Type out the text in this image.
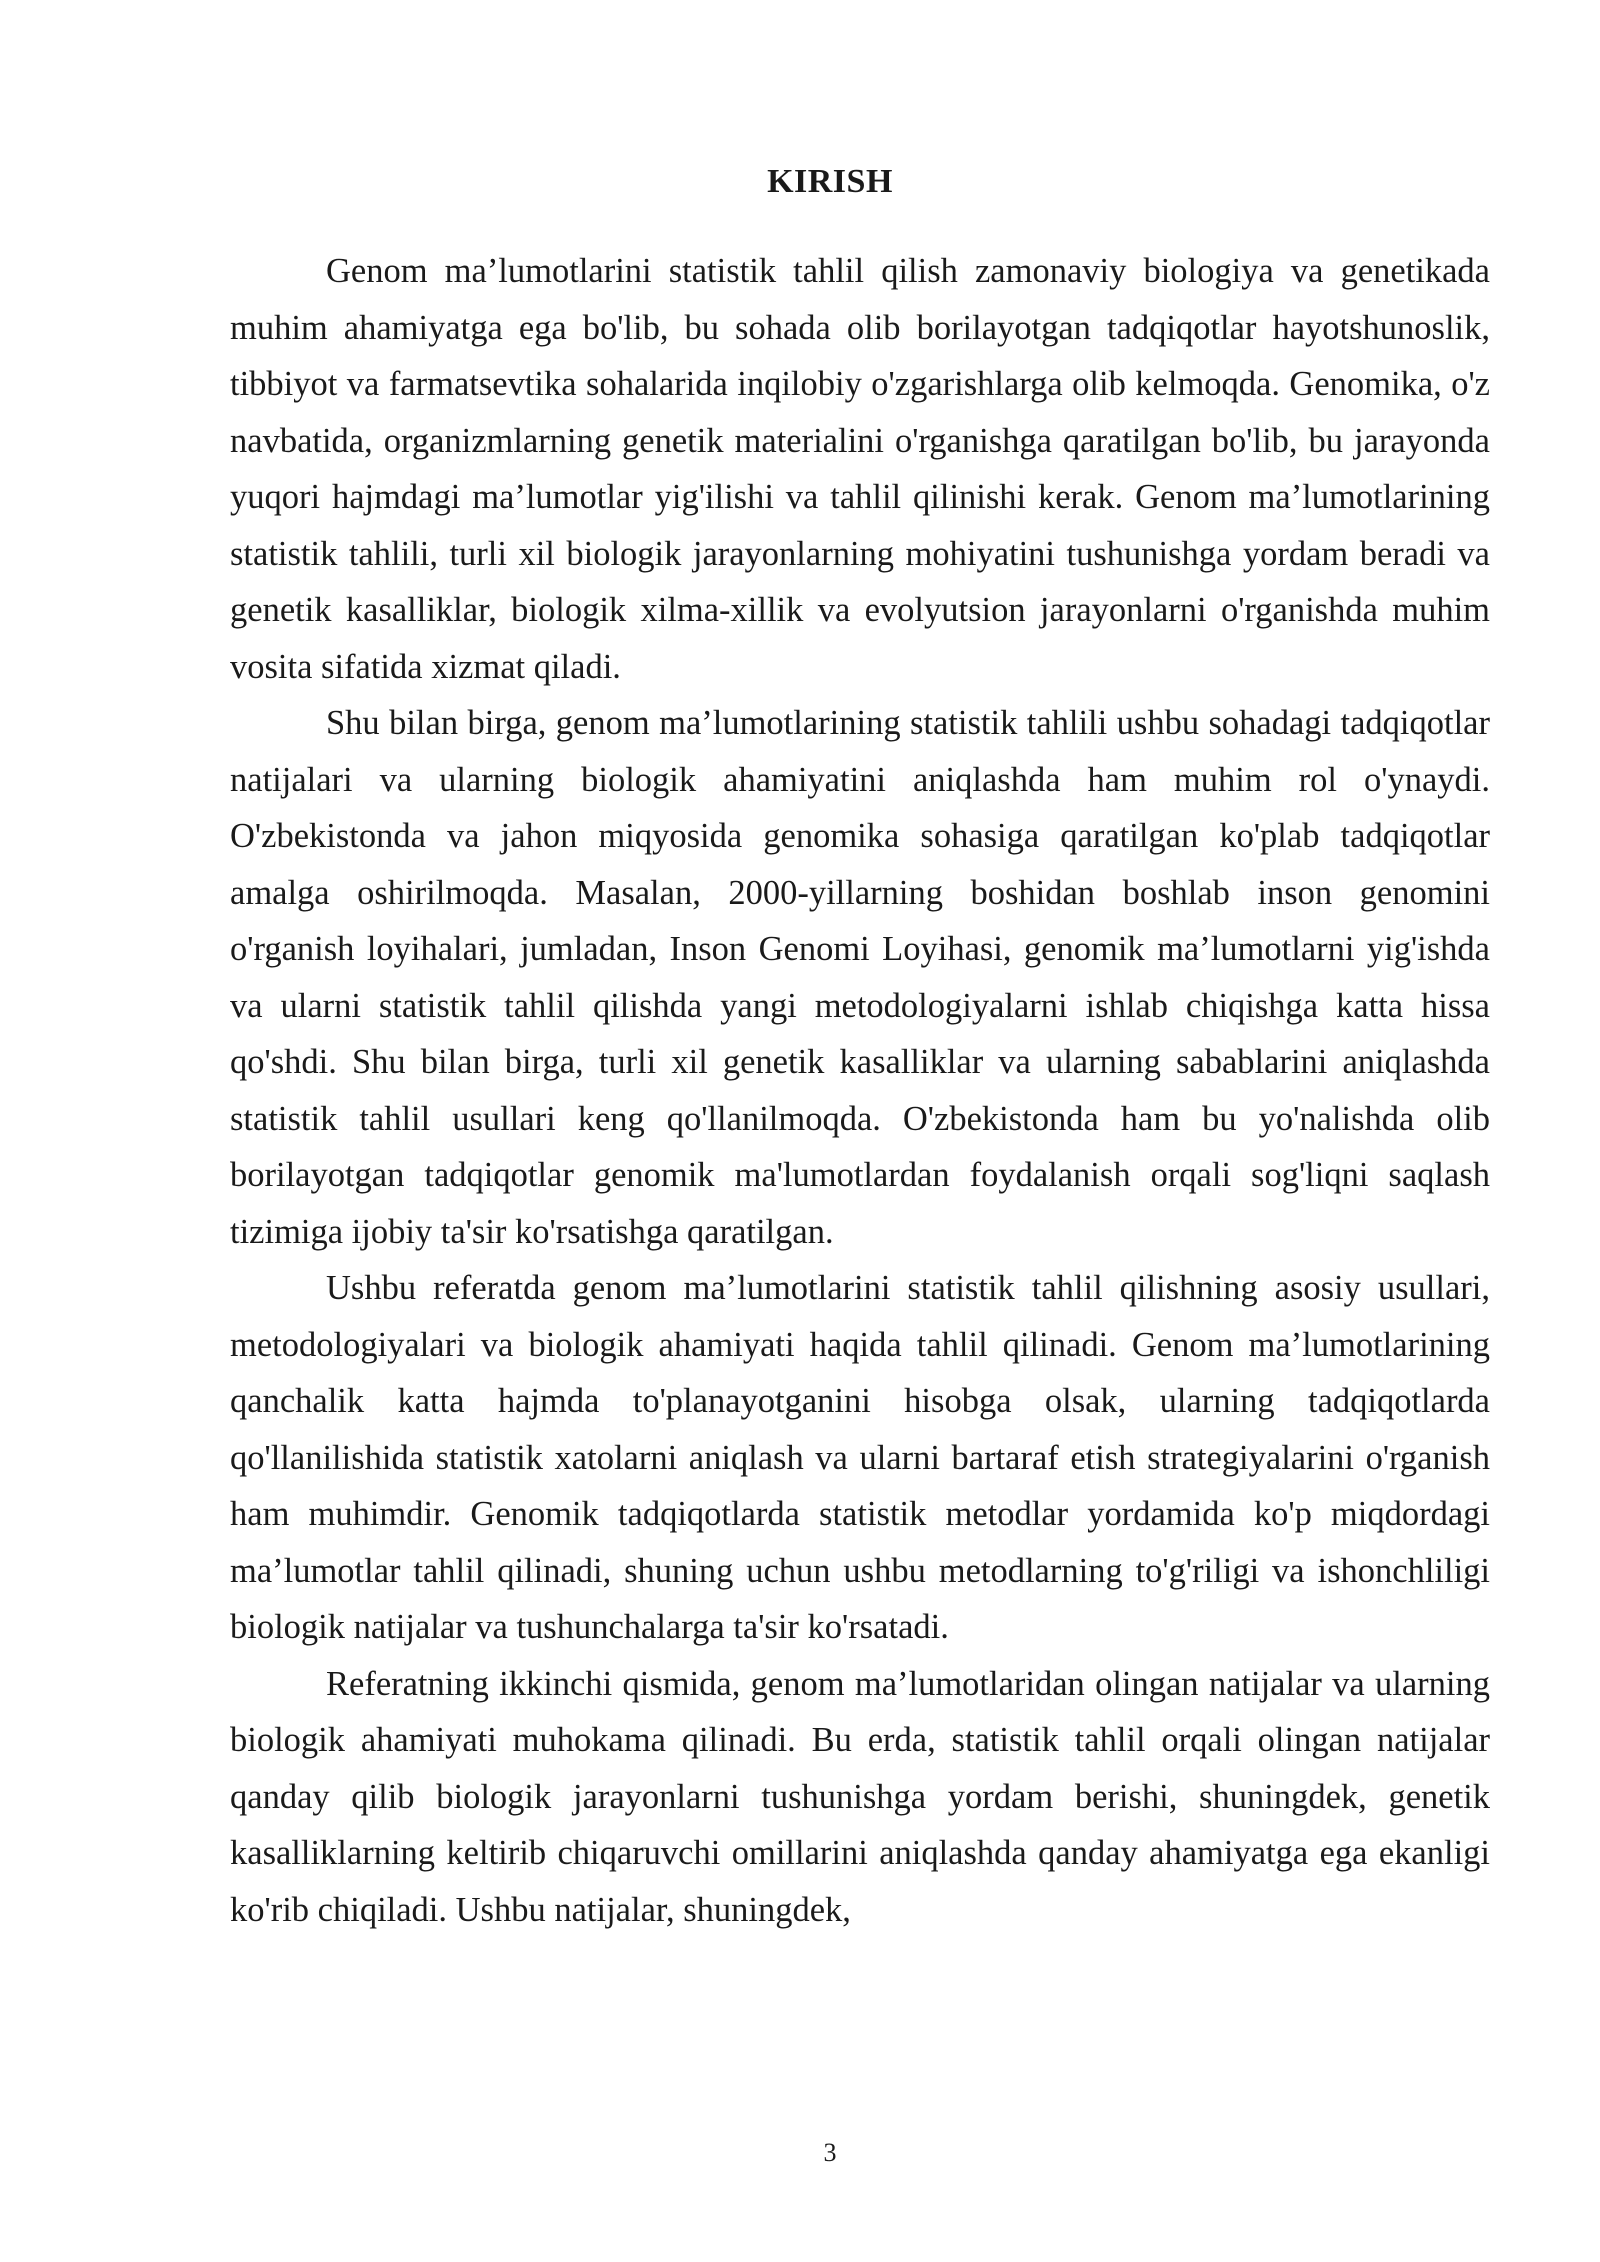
KIRISH

Genom ma’lumotlarini statistik tahlil qilish zamonaviy biologiya va genetikada muhim ahamiyatga ega bo'lib, bu sohada olib borilayotgan tadqiqotlar hayotshunoslik, tibbiyot va farmatsevtika sohalarida inqilobiy o'zgarishlarga olib kelmoqda. Genomika, o'z navbatida, organizmlarning genetik materialini o'rganishga qaratilgan bo'lib, bu jarayonda yuqori hajmdagi ma’lumotlar yig'ilishi va tahlil qilinishi kerak. Genom ma’lumotlarining statistik tahlili, turli xil biologik jarayonlarning mohiyatini tushunishga yordam beradi va genetik kasalliklar, biologik xilma-xillik va evolyutsion jarayonlarni o'rganishda muhim vosita sifatida xizmat qiladi.

Shu bilan birga, genom ma’lumotlarining statistik tahlili ushbu sohadagi tadqiqotlar natijalari va ularning biologik ahamiyatini aniqlashda ham muhim rol o'ynaydi. O'zbekistonda va jahon miqyosida genomika sohasiga qaratilgan ko'plab tadqiqotlar amalga oshirilmoqda. Masalan, 2000-yillarning boshidan boshlab inson genomini o'rganish loyihalari, jumladan, Inson Genomi Loyihasi, genomik ma’lumotlarni yig'ishda va ularni statistik tahlil qilishda yangi metodologiyalarni ishlab chiqishga katta hissa qo'shdi. Shu bilan birga, turli xil genetik kasalliklar va ularning sabablarini aniqlashda statistik tahlil usullari keng qo'llanilmoqda. O'zbekistonda ham bu yo'nalishda olib borilayotgan tadqiqotlar genomik ma'lumotlardan foydalanish orqali sog'liqni saqlash tizimiga ijobiy ta'sir ko'rsatishga qaratilgan.

Ushbu referatda genom ma’lumotlarini statistik tahlil qilishning asosiy usullari, metodologiyalari va biologik ahamiyati haqida tahlil qilinadi. Genom ma’lumotlarining qanchalik katta hajmda to'planayotganini hisobga olsak, ularning tadqiqotlarda qo'llanilishida statistik xatolarni aniqlash va ularni bartaraf etish strategiyalarini o'rganish ham muhimdir. Genomik tadqiqotlarda statistik metodlar yordamida ko'p miqdordagi ma’lumotlar tahlil qilinadi, shuning uchun ushbu metodlarning to'g'riligi va ishonchliligi biologik natijalar va tushunchalarga ta'sir ko'rsatadi.

Referatning ikkinchi qismida, genom ma’lumotlaridan olingan natijalar va ularning biologik ahamiyati muhokama qilinadi. Bu erda, statistik tahlil orqali olingan natijalar qanday qilib biologik jarayonlarni tushunishga yordam berishi, shuningdek, genetik kasalliklarning keltirib chiqaruvchi omillarini aniqlashda qanday ahamiyatga ega ekanligi ko'rib chiqiladi. Ushbu natijalar, shuningdek,

3
